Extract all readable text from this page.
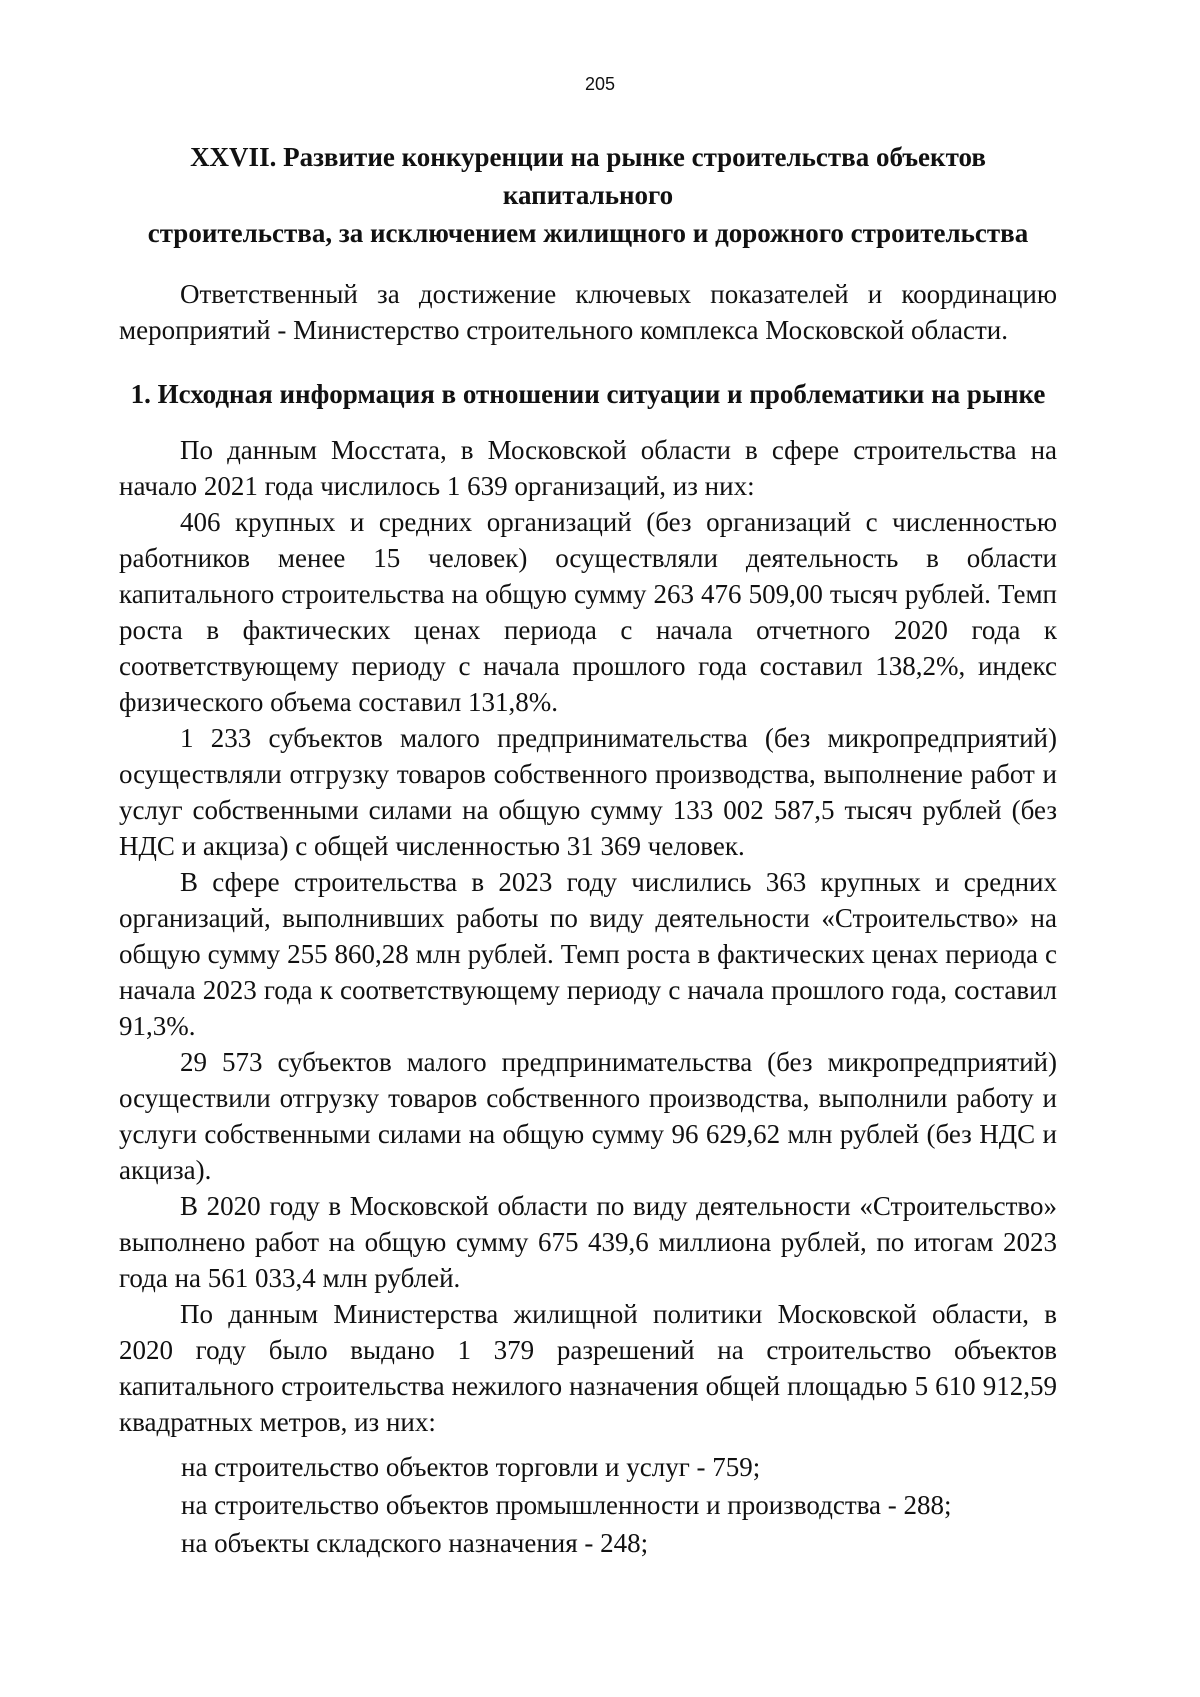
205
XXVII. Развитие конкуренции на рынке строительства объектов капитального
строительства, за исключением жилищного и дорожного строительства

Ответственный за достижение ключевых показателей и координацию мероприятий - Министерство строительного комплекса Московской области.

1. Исходная информация в отношении ситуации и проблематики на рынке

По данным Мосстата, в Московской области в сфере строительства на начало 2021 года числилось 1 639 организаций, из них:

406 крупных и средних организаций (без организаций с численностью работников менее 15 человек) осуществляли деятельность в области капитального строительства на общую сумму 263 476 509,00 тысяч рублей. Темп роста в фактических ценах периода с начала отчетного 2020 года к соответствующему периоду с начала прошлого года составил 138,2%, индекс физического объема составил 131,8%.

1 233 субъектов малого предпринимательства (без микропредприятий) осуществляли отгрузку товаров собственного производства, выполнение работ и услуг собственными силами на общую сумму 133 002 587,5 тысяч рублей (без НДС и акциза) с общей численностью 31 369 человек.

В сфере строительства в 2023 году числились 363 крупных и средних организаций, выполнивших работы по виду деятельности «Строительство» на общую сумму 255 860,28 млн рублей. Темп роста в фактических ценах периода с начала 2023 года к соответствующему периоду с начала прошлого года, составил 91,3%.

29 573 субъектов малого предпринимательства (без микропредприятий) осуществили отгрузку товаров собственного производства, выполнили работу и услуги собственными силами на общую сумму 96 629,62 млн рублей (без НДС и акциза).

В 2020 году в Московской области по виду деятельности «Строительство» выполнено работ на общую сумму 675 439,6 миллиона рублей, по итогам 2023 года на 561 033,4 млн рублей.

По данным Министерства жилищной политики Московской области, в 2020 году было выдано 1 379 разрешений на строительство объектов капитального строительства нежилого назначения общей площадью 5 610 912,59 квадратных метров, из них:

на строительство объектов торговли и услуг - 759;

на строительство объектов промышленности и производства - 288;

на объекты складского назначения - 248;
